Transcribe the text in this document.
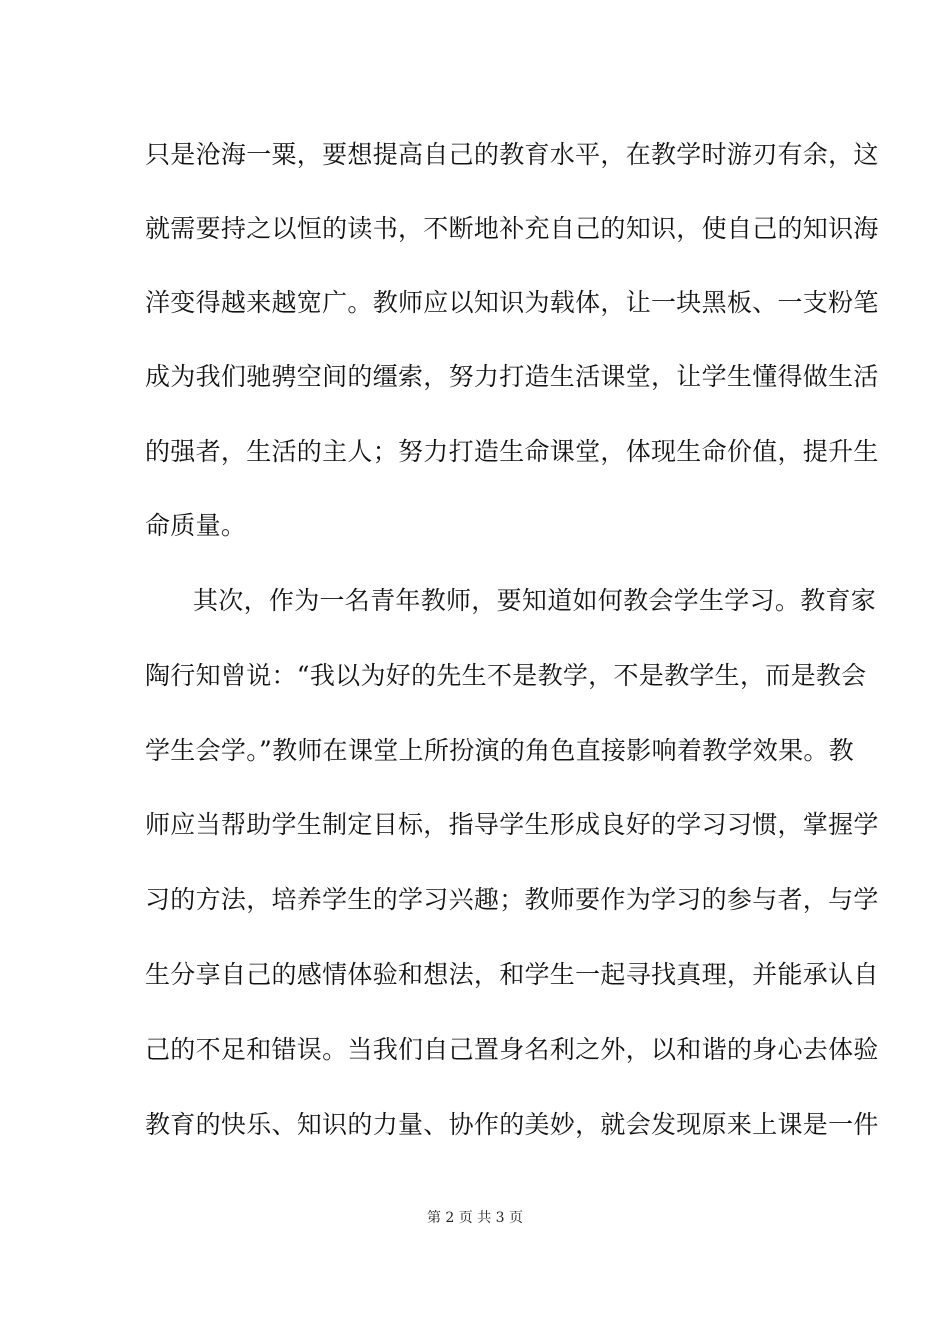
只是沧海一粟，要想提高自己的教育水平，在教学时游刃有余，这
就需要持之以恒的读书，不断地补充自己的知识，使自己的知识海
洋变得越来越宽广。教师应以知识为载体，让一块黑板、一支粉笔
成为我们驰骋空间的缰索，努力打造生活课堂，让学生懂得做生活
的强者，生活的主人；努力打造生命课堂，体现生命价值，提升生
命质量。
其次，作为一名青年教师，要知道如何教会学生学习。教育家
陶行知曾说：“我以为好的先生不是教学，不是教学生，而是教会
学生会学。”教师在课堂上所扮演的角色直接影响着教学效果。教
师应当帮助学生制定目标，指导学生形成良好的学习习惯，掌握学
习的方法，培养学生的学习兴趣；教师要作为学习的参与者，与学
生分享自己的感情体验和想法，和学生一起寻找真理，并能承认自
己的不足和错误。当我们自己置身名利之外，以和谐的身心去体验
教育的快乐、知识的力量、协作的美妙，就会发现原来上课是一件
第 2 页 共 3 页
